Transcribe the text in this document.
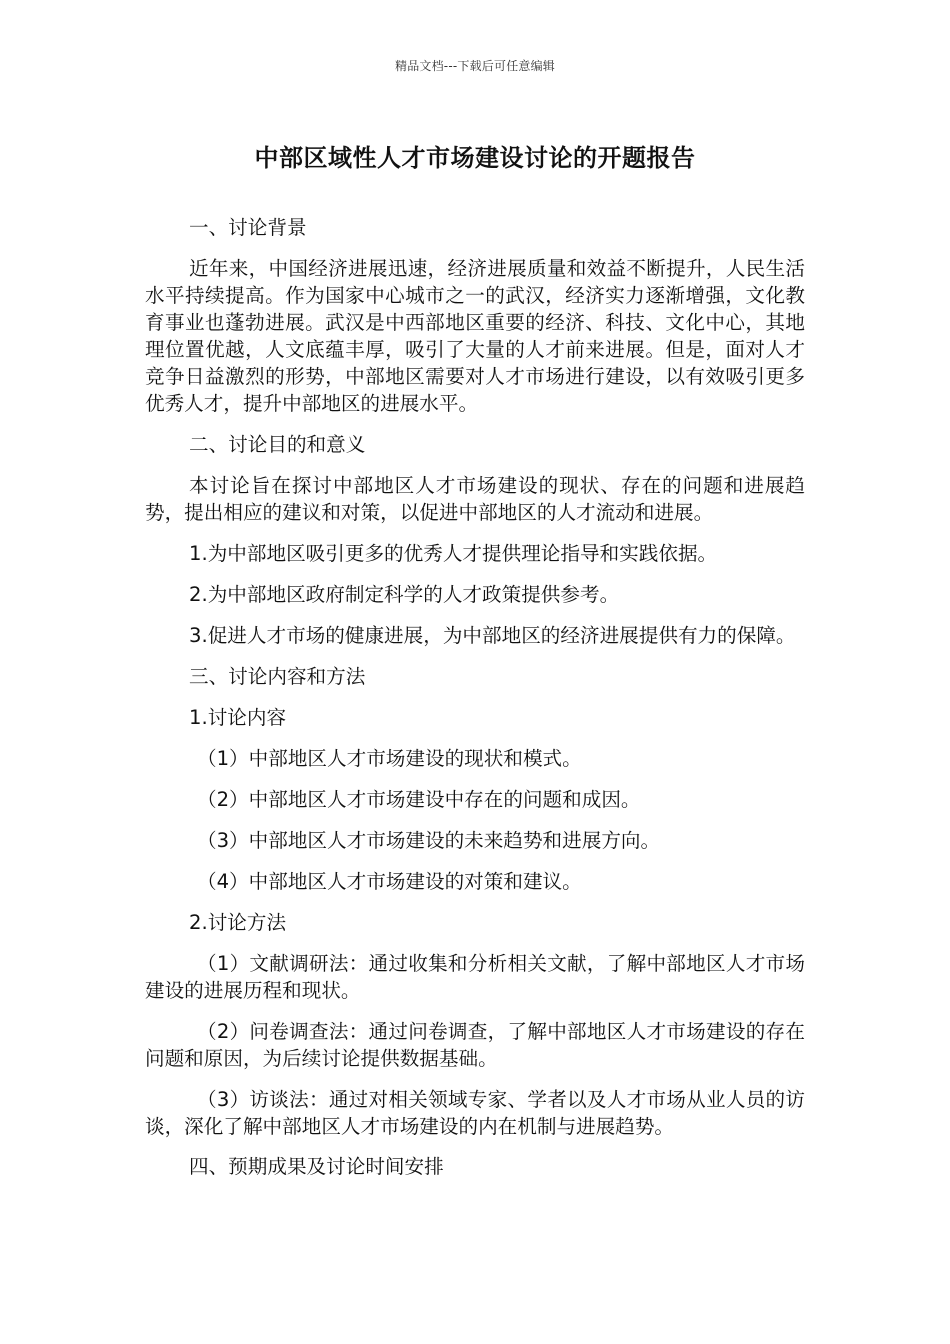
精品文档---下载后可任意编辑
中部区域性人才市场建设讨论的开题报告

一、讨论背景

近年来，中国经济进展迅速，经济进展质量和效益不断提升，人民生活水平持续提高。作为国家中心城市之一的武汉，经济实力逐渐增强，文化教育事业也蓬勃进展。武汉是中西部地区重要的经济、科技、文化中心，其地理位置优越，人文底蕴丰厚，吸引了大量的人才前来进展。但是，面对人才竞争日益激烈的形势，中部地区需要对人才市场进行建设，以有效吸引更多优秀人才，提升中部地区的进展水平。

二、讨论目的和意义

本讨论旨在探讨中部地区人才市场建设的现状、存在的问题和进展趋势，提出相应的建议和对策，以促进中部地区的人才流动和进展。

1.为中部地区吸引更多的优秀人才提供理论指导和实践依据。

2.为中部地区政府制定科学的人才政策提供参考。

3.促进人才市场的健康进展，为中部地区的经济进展提供有力的保障。

三、讨论内容和方法

1.讨论内容

（1）中部地区人才市场建设的现状和模式。

（2）中部地区人才市场建设中存在的问题和成因。

（3）中部地区人才市场建设的未来趋势和进展方向。

（4）中部地区人才市场建设的对策和建议。

2.讨论方法

（1）文献调研法：通过收集和分析相关文献，了解中部地区人才市场建设的进展历程和现状。

（2）问卷调查法：通过问卷调查，了解中部地区人才市场建设的存在问题和原因，为后续讨论提供数据基础。

（3）访谈法：通过对相关领域专家、学者以及人才市场从业人员的访谈，深化了解中部地区人才市场建设的内在机制与进展趋势。

四、预期成果及讨论时间安排
